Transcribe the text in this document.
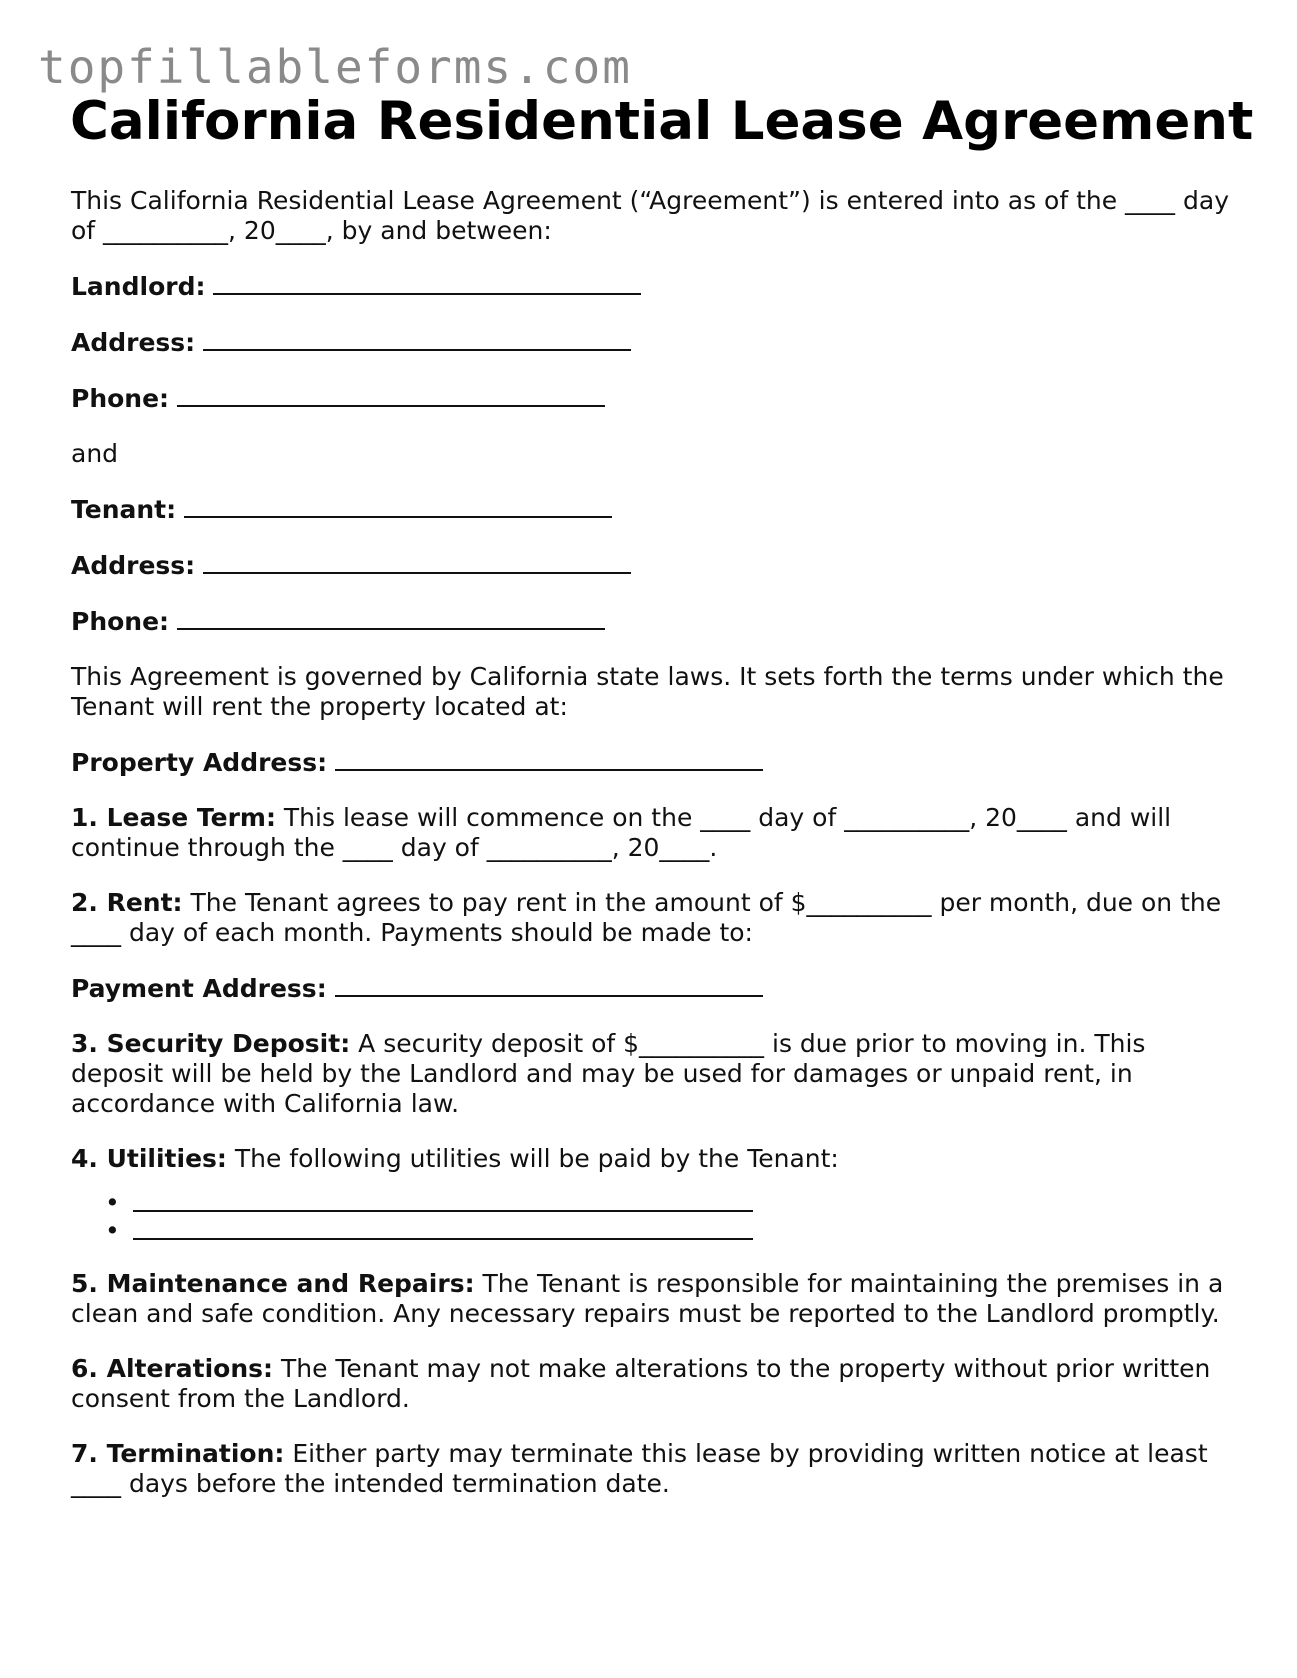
topfillableforms.com
California Residential Lease Agreement

This California Residential Lease Agreement (“Agreement”) is entered into as of the ____ day of __________, 20____, by and between:

Landlord:
Address:
Phone:

and

Tenant:
Address:
Phone:

This Agreement is governed by California state laws. It sets forth the terms under which the Tenant will rent the property located at:

Property Address:

1. Lease Term: This lease will commence on the ____ day of __________, 20____ and will continue through the ____ day of __________, 20____.

2. Rent: The Tenant agrees to pay rent in the amount of $__________ per month, due on the ____ day of each month. Payments should be made to:

Payment Address:

3. Security Deposit: A security deposit of $__________ is due prior to moving in. This deposit will be held by the Landlord and may be used for damages or unpaid rent, in accordance with California law.

4. Utilities: The following utilities will be paid by the Tenant:

•
•

5. Maintenance and Repairs: The Tenant is responsible for maintaining the premises in a clean and safe condition. Any necessary repairs must be reported to the Landlord promptly.

6. Alterations: The Tenant may not make alterations to the property without prior written consent from the Landlord.

7. Termination: Either party may terminate this lease by providing written notice at least ____ days before the intended termination date.
